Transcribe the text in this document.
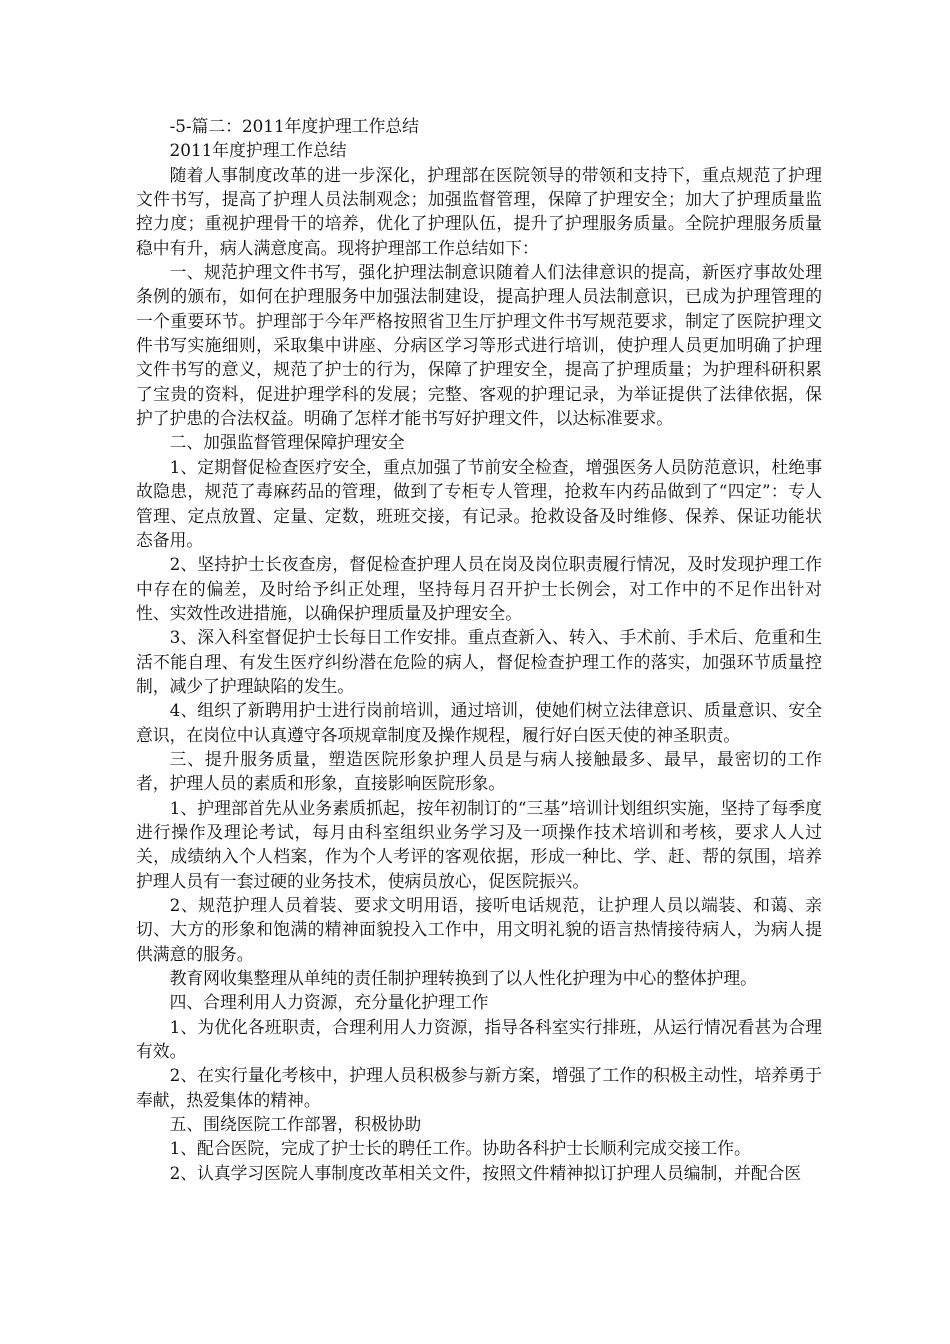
-5-篇二：2011年度护理工作总结

2011年度护理工作总结

随着人事制度改革的进一步深化，护理部在医院领导的带领和支持下，重点规范了护理文件书写，提高了护理人员法制观念；加强监督管理，保障了护理安全；加大了护理质量监控力度；重视护理骨干的培养，优化了护理队伍，提升了护理服务质量。全院护理服务质量稳中有升，病人满意度高。现将护理部工作总结如下：

一、规范护理文件书写，强化护理法制意识随着人们法律意识的提高，新医疗事故处理条例的颁布，如何在护理服务中加强法制建设，提高护理人员法制意识，已成为护理管理的一个重要环节。护理部于今年严格按照省卫生厅护理文件书写规范要求，制定了医院护理文件书写实施细则，采取集中讲座、分病区学习等形式进行培训，使护理人员更加明确了护理文件书写的意义，规范了护士的行为，保障了护理安全，提高了护理质量；为护理科研积累了宝贵的资料，促进护理学科的发展；完整、客观的护理记录，为举证提供了法律依据，保护了护患的合法权益。明确了怎样才能书写好护理文件，以达标准要求。

二、加强监督管理保障护理安全

1、定期督促检查医疗安全，重点加强了节前安全检查，增强医务人员防范意识，杜绝事故隐患，规范了毒麻药品的管理，做到了专柜专人管理，抢救车内药品做到了“四定”：专人管理、定点放置、定量、定数，班班交接，有记录。抢救设备及时维修、保养、保证功能状态备用。

2、坚持护士长夜查房，督促检查护理人员在岗及岗位职责履行情况，及时发现护理工作中存在的偏差，及时给予纠正处理，坚持每月召开护士长例会，对工作中的不足作出针对性、实效性改进措施，以确保护理质量及护理安全。

3、深入科室督促护士长每日工作安排。重点查新入、转入、手术前、手术后、危重和生活不能自理、有发生医疗纠纷潜在危险的病人，督促检查护理工作的落实，加强环节质量控制，减少了护理缺陷的发生。

4、组织了新聘用护士进行岗前培训，通过培训，使她们树立法律意识、质量意识、安全意识，在岗位中认真遵守各项规章制度及操作规程，履行好白医天使的神圣职责。

三、提升服务质量，塑造医院形象护理人员是与病人接触最多、最早，最密切的工作者，护理人员的素质和形象，直接影响医院形象。

1、护理部首先从业务素质抓起，按年初制订的“三基”培训计划组织实施，坚持了每季度进行操作及理论考试，每月由科室组织业务学习及一项操作技术培训和考核，要求人人过关，成绩纳入个人档案，作为个人考评的客观依据，形成一种比、学、赶、帮的氛围，培养护理人员有一套过硬的业务技术，使病员放心，促医院振兴。

2、规范护理人员着装、要求文明用语，接听电话规范，让护理人员以端装、和蔼、亲切、大方的形象和饱满的精神面貌投入工作中，用文明礼貌的语言热情接待病人，为病人提供满意的服务。

教育网收集整理从单纯的责任制护理转换到了以人性化护理为中心的整体护理。

四、合理利用人力资源，充分量化护理工作

1、为优化各班职责，合理利用人力资源，指导各科室实行排班，从运行情况看甚为合理有效。

2、在实行量化考核中，护理人员积极参与新方案，增强了工作的积极主动性，培养勇于奉献，热爱集体的精神。

五、围绕医院工作部署，积极协助

1、配合医院，完成了护士长的聘任工作。协助各科护士长顺利完成交接工作。

2、认真学习医院人事制度改革相关文件，按照文件精神拟订护理人员编制，并配合医
